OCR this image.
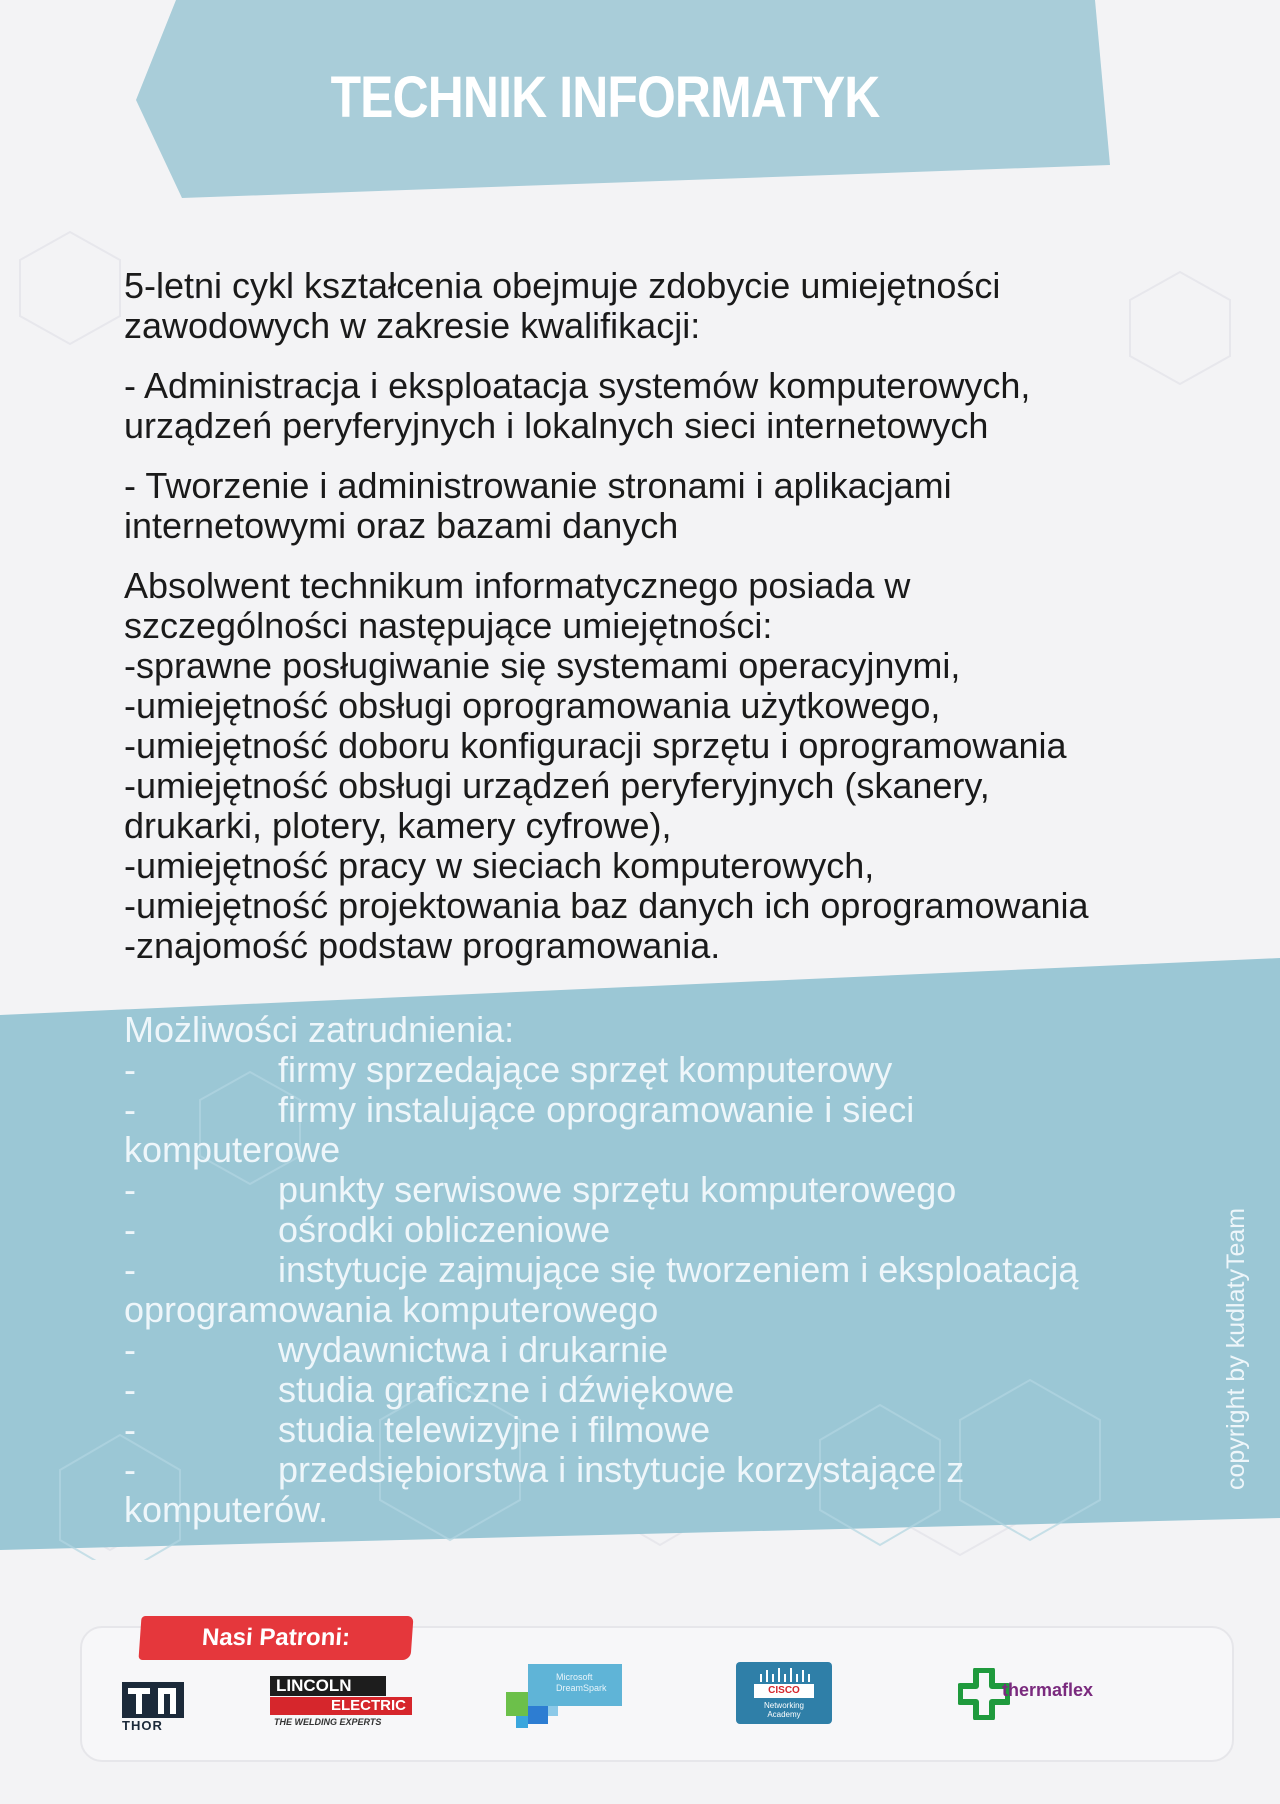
TECHNIK INFORMATYK

5-letni cykl kształcenia obejmuje zdobycie umiejętności
zawodowych w zakresie kwalifikacji:

- Administracja i eksploatacja systemów komputerowych,
urządzeń peryferyjnych i lokalnych sieci internetowych

- Tworzenie i administrowanie stronami i aplikacjami
internetowymi oraz bazami danych

Absolwent technikum informatycznego posiada w
szczególności następujące umiejętności:

-sprawne posługiwanie się systemami operacyjnymi,
-umiejętność obsługi oprogramowania użytkowego,
-umiejętność doboru konfiguracji sprzętu i oprogramowania
-umiejętność obsługi urządzeń peryferyjnych (skanery,
drukarki, plotery, kamery cyfrowe),
-umiejętność pracy w sieciach komputerowych,
-umiejętność projektowania baz danych ich oprogramowania
-znajomość podstaw programowania.
Możliwości zatrudnienia:
-	firmy sprzedające sprzęt komputerowy
-	firmy instalujące oprogramowanie i sieci
komputerowe
-	punkty serwisowe sprzętu komputerowego
-	ośrodki obliczeniowe
-	instytucje zajmujące się tworzeniem i eksploatacją
oprogramowania komputerowego
-	wydawnictwa i drukarnie
-	studia graficzne i dźwiękowe
-	studia telewizyjne i filmowe
-	przedsiębiorstwa i instytucje korzystające z
komputerów.
copyright by kudlatyTeam
Nasi Patroni:
THOR
LINCOLN
ELECTRIC
THE WELDING EXPERTS
Microsoft
DreamSpark	CISCO
Networking
Academy
thermaflex
